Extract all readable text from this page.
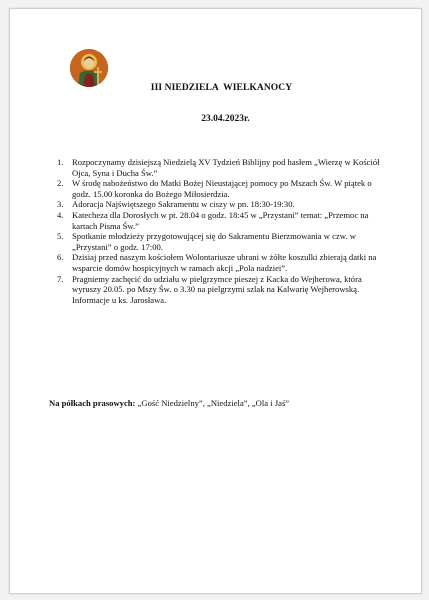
III NIEDZIELA  WIELKANOCY
23.04.2023r.
1. Rozpoczynamy dzisiejszą Niedzielą XV Tydzień Biblijny pod hasłem „Wierzę w Kościół Ojca, Syna i Ducha Św.”
2. W środę nabożeństwo do Matki Bożej Nieustającej pomocy po Mszach Św. W piątek o godz. 15.00 koronka do Bożego Miłosierdzia.
3. Adoracja Najświętszego Sakramentu w ciszy w pn. 18:30-19:30.
4. Katecheza dla Dorosłych w pt. 28.04 o godz. 18:45 w „Przystani” temat: „Przemoc na kartach Pisma Św.”
5. Spotkanie młodzieży przygotowującej się do Sakramentu Bierzmowania w czw. w „Przystani” o godz. 17:00.
6. Dzisiaj przed naszym kościołem Wolontariusze ubrani w żółte koszulki zbierają datki na wsparcie domów hospicyjnych w ramach akcji „Pola nadziei”.
7. Pragniemy zachęcić do udziału w pielgrzymce pieszej z Kacka do Wejherowa, która wyruszy 20.05. po Mszy Św. o 3.30 na pielgrzymi szlak na Kalwarię Wejherowską. Informacje u ks. Jarosława.
Na półkach prasowych: „Gość Niedzielny”, „Niedziela”, „Ola i Jaś”
